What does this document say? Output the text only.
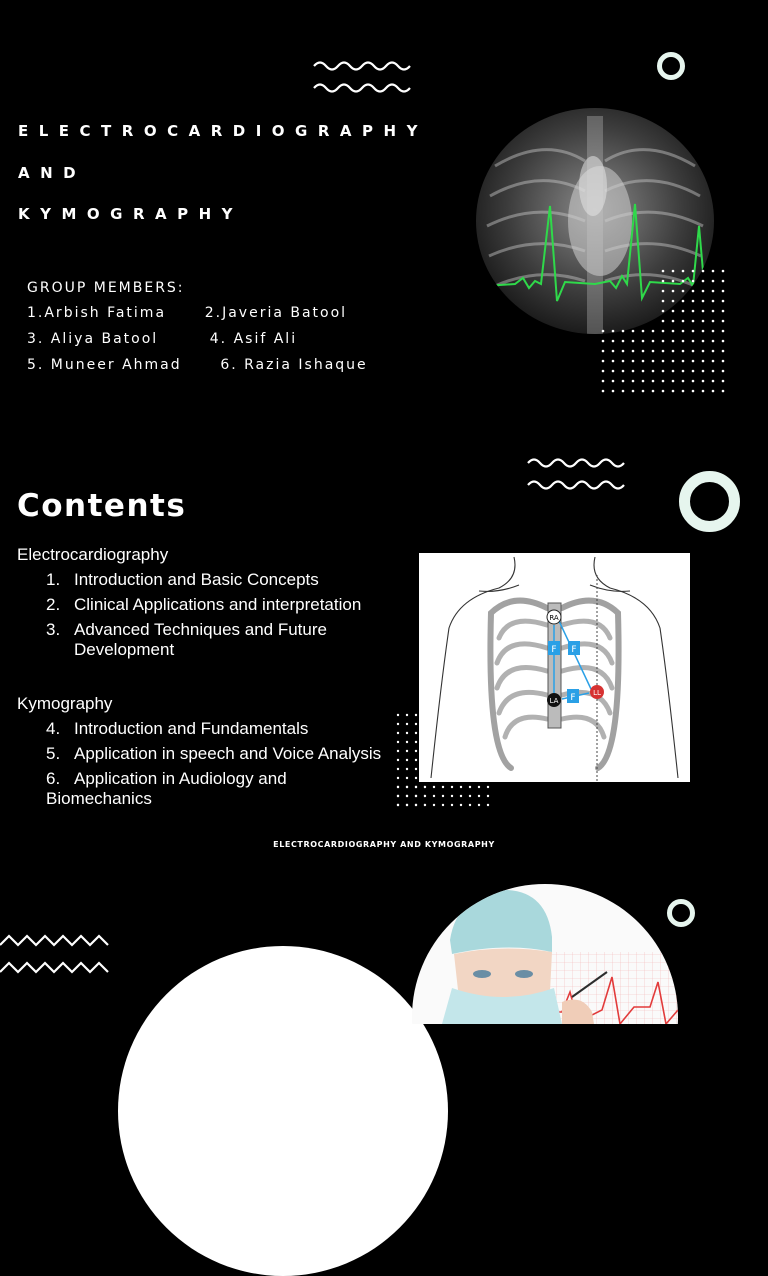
ELECTROCARDIOGRAPHY
AND
KYMOGRAPHY
GROUP MEMBERS:
1.Arbish Fatima      2.Javeria Batool
3. Aliya Batool        4. Asif Ali
5. Muneer Ahmad      6. Razia Ishaque
Contents
Electrocardiography
1. Introduction and Basic Concepts
2. Clinical Applications and interpretation
3. Advanced Techniques and Future
Development
Kymography
4. Introduction and Fundamentals
5. Application in speech and Voice Analysis
6. Application in Audiology and
Biomechanics
RA
LA
LL
F F
F
ELECTROCARDIOGRAPHY AND KYMOGRAPHY
